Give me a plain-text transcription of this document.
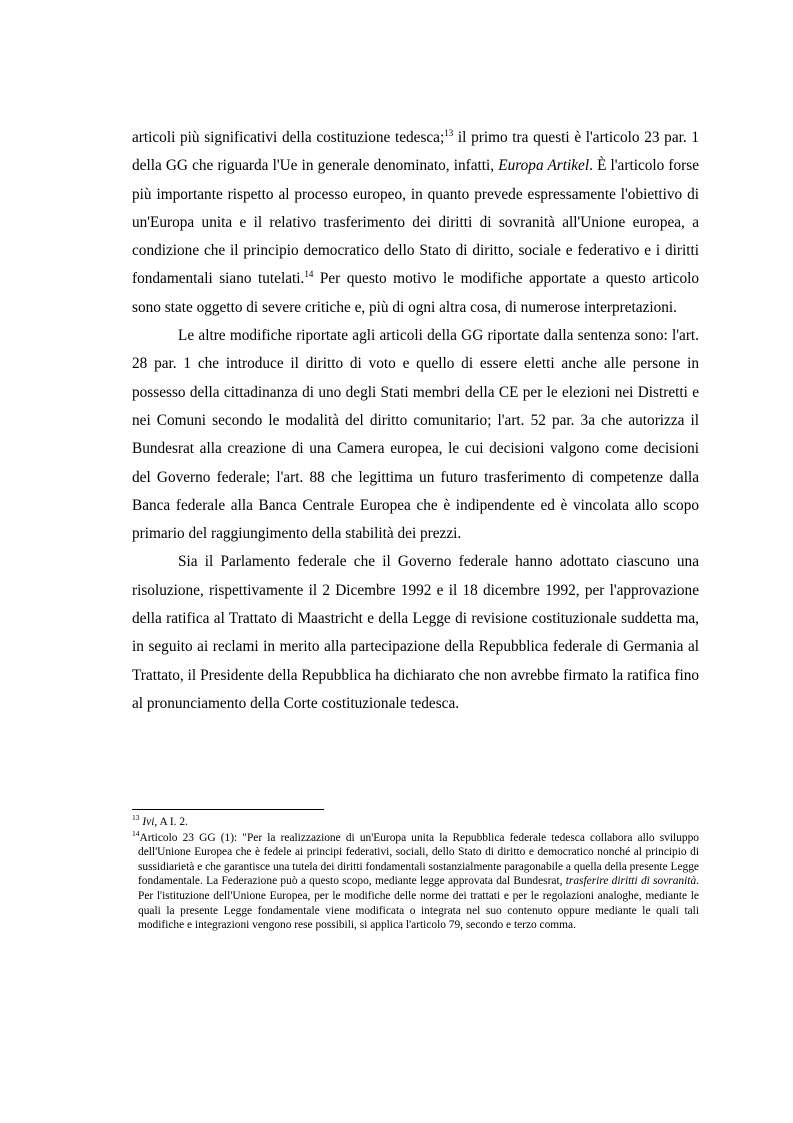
articoli più significativi della costituzione tedesca;$^{13}$ il primo tra questi è l'articolo 23 par. 1 della GG che riguarda l'Ue in generale denominato, infatti, Europa Artikel. È l'articolo forse più importante rispetto al processo europeo, in quanto prevede espressamente l'obiettivo di un'Europa unita e il relativo trasferimento dei diritti di sovranità all'Unione europea, a condizione che il principio democratico dello Stato di diritto, sociale e federativo e i diritti fondamentali siano tutelati.$^{14}$ Per questo motivo le modifiche apportate a questo articolo sono state oggetto di severe critiche e, più di ogni altra cosa, di numerose interpretazioni.

Le altre modifiche riportate agli articoli della GG riportate dalla sentenza sono: l'art. 28 par. 1 che introduce il diritto di voto e quello di essere eletti anche alle persone in possesso della cittadinanza di uno degli Stati membri della CE per le elezioni nei Distretti e nei Comuni secondo le modalità del diritto comunitario; l'art. 52 par. 3a che autorizza il Bundesrat alla creazione di una Camera europea, le cui decisioni valgono come decisioni del Governo federale; l'art. 88 che legittima un futuro trasferimento di competenze dalla Banca federale alla Banca Centrale Europea che è indipendente ed è vincolata allo scopo primario del raggiungimento della stabilità dei prezzi.

Sia il Parlamento federale che il Governo federale hanno adottato ciascuno una risoluzione, rispettivamente il 2 Dicembre 1992 e il 18 dicembre 1992, per l'approvazione della ratifica al Trattato di Maastricht e della Legge di revisione costituzionale suddetta ma, in seguito ai reclami in merito alla partecipazione della Repubblica federale di Germania al Trattato, il Presidente della Repubblica ha dichiarato che non avrebbe firmato la ratifica fino al pronunciamento della Corte costituzionale tedesca.

$^{13}$ Ivi, A I. 2.

$^{14}$Articolo 23 GG (1): "Per la realizzazione di un'Europa unita la Repubblica federale tedesca collabora allo sviluppo dell'Unione Europea che è fedele ai principi federativi, sociali, dello Stato di diritto e democratico nonché al principio di sussidiarietà e che garantisce una tutela dei diritti fondamentali sostanzialmente paragonabile a quella della presente Legge fondamentale. La Federazione può a questo scopo, mediante legge approvata dal Bundesrat, trasferire diritti di sovranità. Per l'istituzione dell'Unione Europea, per le modifiche delle norme dei trattati e per le regolazioni analoghe, mediante le quali la presente Legge fondamentale viene modificata o integrata nel suo contenuto oppure mediante le quali tali modifiche e integrazioni vengono rese possibili, si applica l'articolo 79, secondo e terzo comma.
